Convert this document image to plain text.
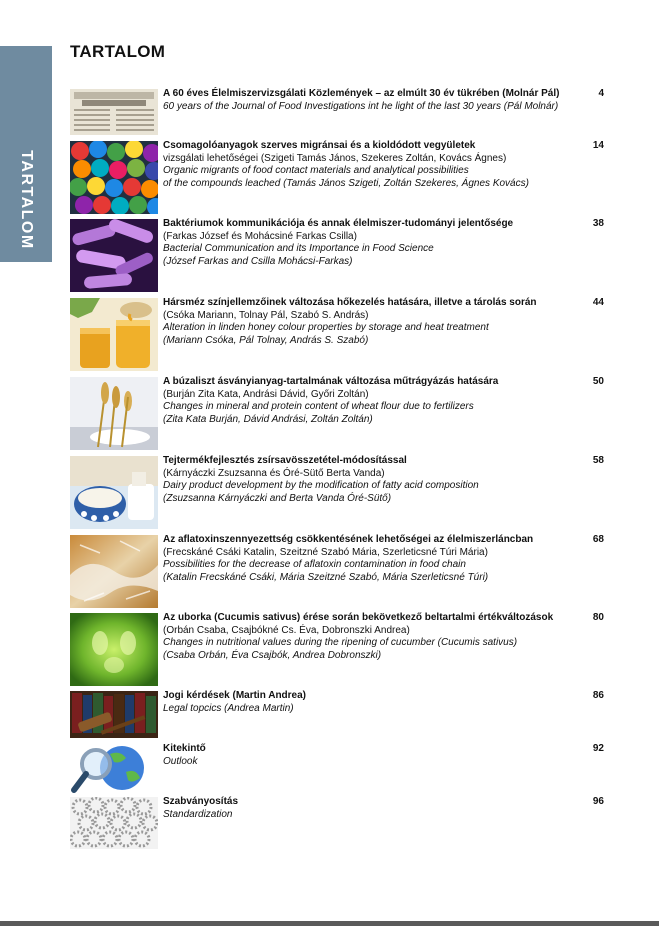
TARTALOM
TARTALOM
A 60 éves Élelmiszervizsgálati Közlemények – az elmúlt 30 év tükrében (Molnár Pál)
60 years of the Journal of Food Investigations int he light of the last 30 years (Pál Molnár)
4
Csomagolóanyagok szerves migránsai és a kioldódott vegyületek
vizsgálati lehetőségei (Szigeti Tamás János, Szekeres Zoltán, Kovács Ágnes)
Organic migrants of food contact materials and analytical possibilities
of the compounds leached (Tamás János Szigeti, Zoltán Szekeres, Ágnes Kovács)
14
Baktériumok kommunikációja és annak élelmiszer-tudományi jelentősége
(Farkas József és Mohácsiné Farkas Csilla)
Bacterial Communication and its Importance in Food Science
(József Farkas and Csilla Mohácsi-Farkas)
38
Hársméz színjellemzőinek változása hőkezelés hatására, illetve a tárolás során
(Csóka Mariann, Tolnay Pál, Szabó S. András)
Alteration in linden honey colour properties by storage and heat treatment
(Mariann Csóka, Pál Tolnay, András S. Szabó)
44
A búzaliszt ásványianyag-tartalmának változása műtrágyázás hatására
(Burján Zita Kata, Andrási Dávid, Győri Zoltán)
Changes in mineral and protein content of wheat flour due to fertilizers
(Zita Kata Burján, Dávid Andrási, Zoltán Zoltán)
50
Tejtermékfejlesztés zsírsavösszetétel-módosítással
(Kárnyáczki Zsuzsanna és Óré-Sütő Berta Vanda)
Dairy product development by the modification of fatty acid composition
(Zsuzsanna Kárnyáczki and Berta Vanda Óré-Sütő)
58
Az aflatoxinszennyezettség csökkentésének lehetőségei az élelmiszerláncban
(Frecskáné Csáki Katalin, Szeitzné Szabó Mária, Szerleticsné Túri Mária)
Possibilities for the decrease of aflatoxin contamination in food chain
(Katalin Frecskáné Csáki, Mária Szeitzné Szabó, Mária Szerleticsné Túri)
68
Az uborka (Cucumis sativus) érése során bekövetkező beltartalmi értékváltozások
(Orbán Csaba, Csajbókné Cs. Éva, Dobronszki Andrea)
Changes in nutritional values during the ripening of cucumber (Cucumis sativus)
(Csaba Orbán, Éva Csajbók, Andrea Dobronszki)
80
Jogi kérdések (Martin Andrea)
Legal topcics (Andrea Martin)
86
Kitekintő
Outlook
92
Szabványosítás
Standardization
96
